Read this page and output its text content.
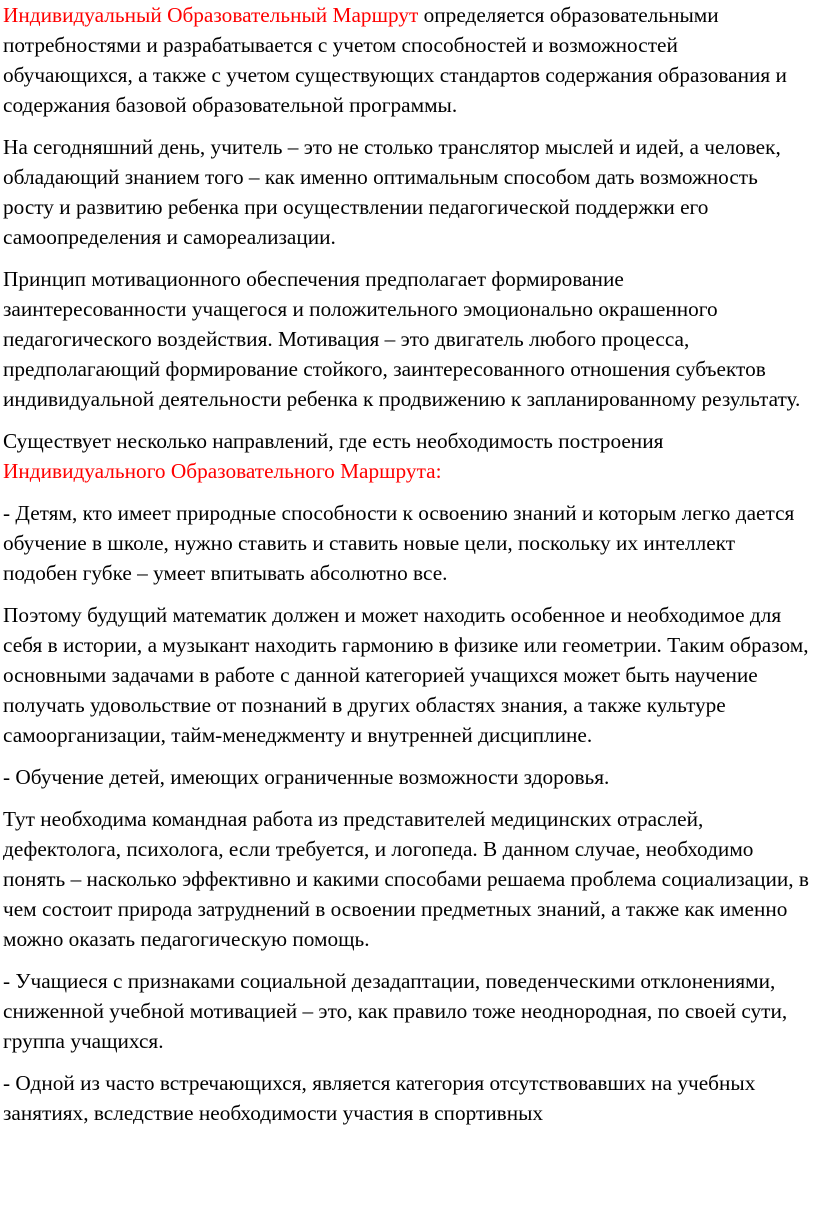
Индивидуальный Образовательный Маршрут определяется образовательными потребностями и разрабатывается с учетом способностей и возможностей обучающихся, а также с учетом существующих стандартов содержания образования и содержания базовой образовательной программы.

На сегодняшний день, учитель – это не столько транслятор мыслей и идей, а человек, обладающий знанием того – как именно оптимальным способом дать возможность росту и развитию ребенка при осуществлении педагогической поддержки его самоопределения и самореализации.

Принцип мотивационного обеспечения предполагает формирование заинтересованности учащегося и положительного эмоционально окрашенного педагогического воздействия. Мотивация – это двигатель любого процесса, предполагающий формирование стойкого, заинтересованного отношения субъектов индивидуальной деятельности ребенка к продвижению к запланированному результату.

Существует несколько направлений, где есть необходимость построения Индивидуального Образовательного Маршрута:

- Детям, кто имеет природные способности к освоению знаний и которым легко дается обучение в школе, нужно ставить и ставить новые цели, поскольку их интеллект подобен губке – умеет впитывать абсолютно все.

Поэтому будущий математик должен и может находить особенное и необходимое для себя в истории, а музыкант находить гармонию в физике или геометрии. Таким образом, основными задачами в работе с данной категорией учащихся может быть научение получать удовольствие от познаний в других областях знания, а также культуре самоорганизации, тайм-менеджменту и внутренней дисциплине.

- Обучение детей, имеющих ограниченные возможности здоровья.

Тут необходима командная работа из представителей медицинских отраслей, дефектолога, психолога, если требуется, и логопеда. В данном случае, необходимо понять – насколько эффективно и какими способами решаема проблема социализации, в чем состоит природа затруднений в освоении предметных знаний, а также как именно можно оказать педагогическую помощь.

- Учащиеся с признаками социальной дезадаптации, поведенческими отклонениями, сниженной учебной мотивацией – это, как правило тоже неоднородная, по своей сути, группа учащихся.

- Одной из часто встречающихся, является категория отсутствовавших на учебных занятиях, вследствие необходимости участия в спортивных
